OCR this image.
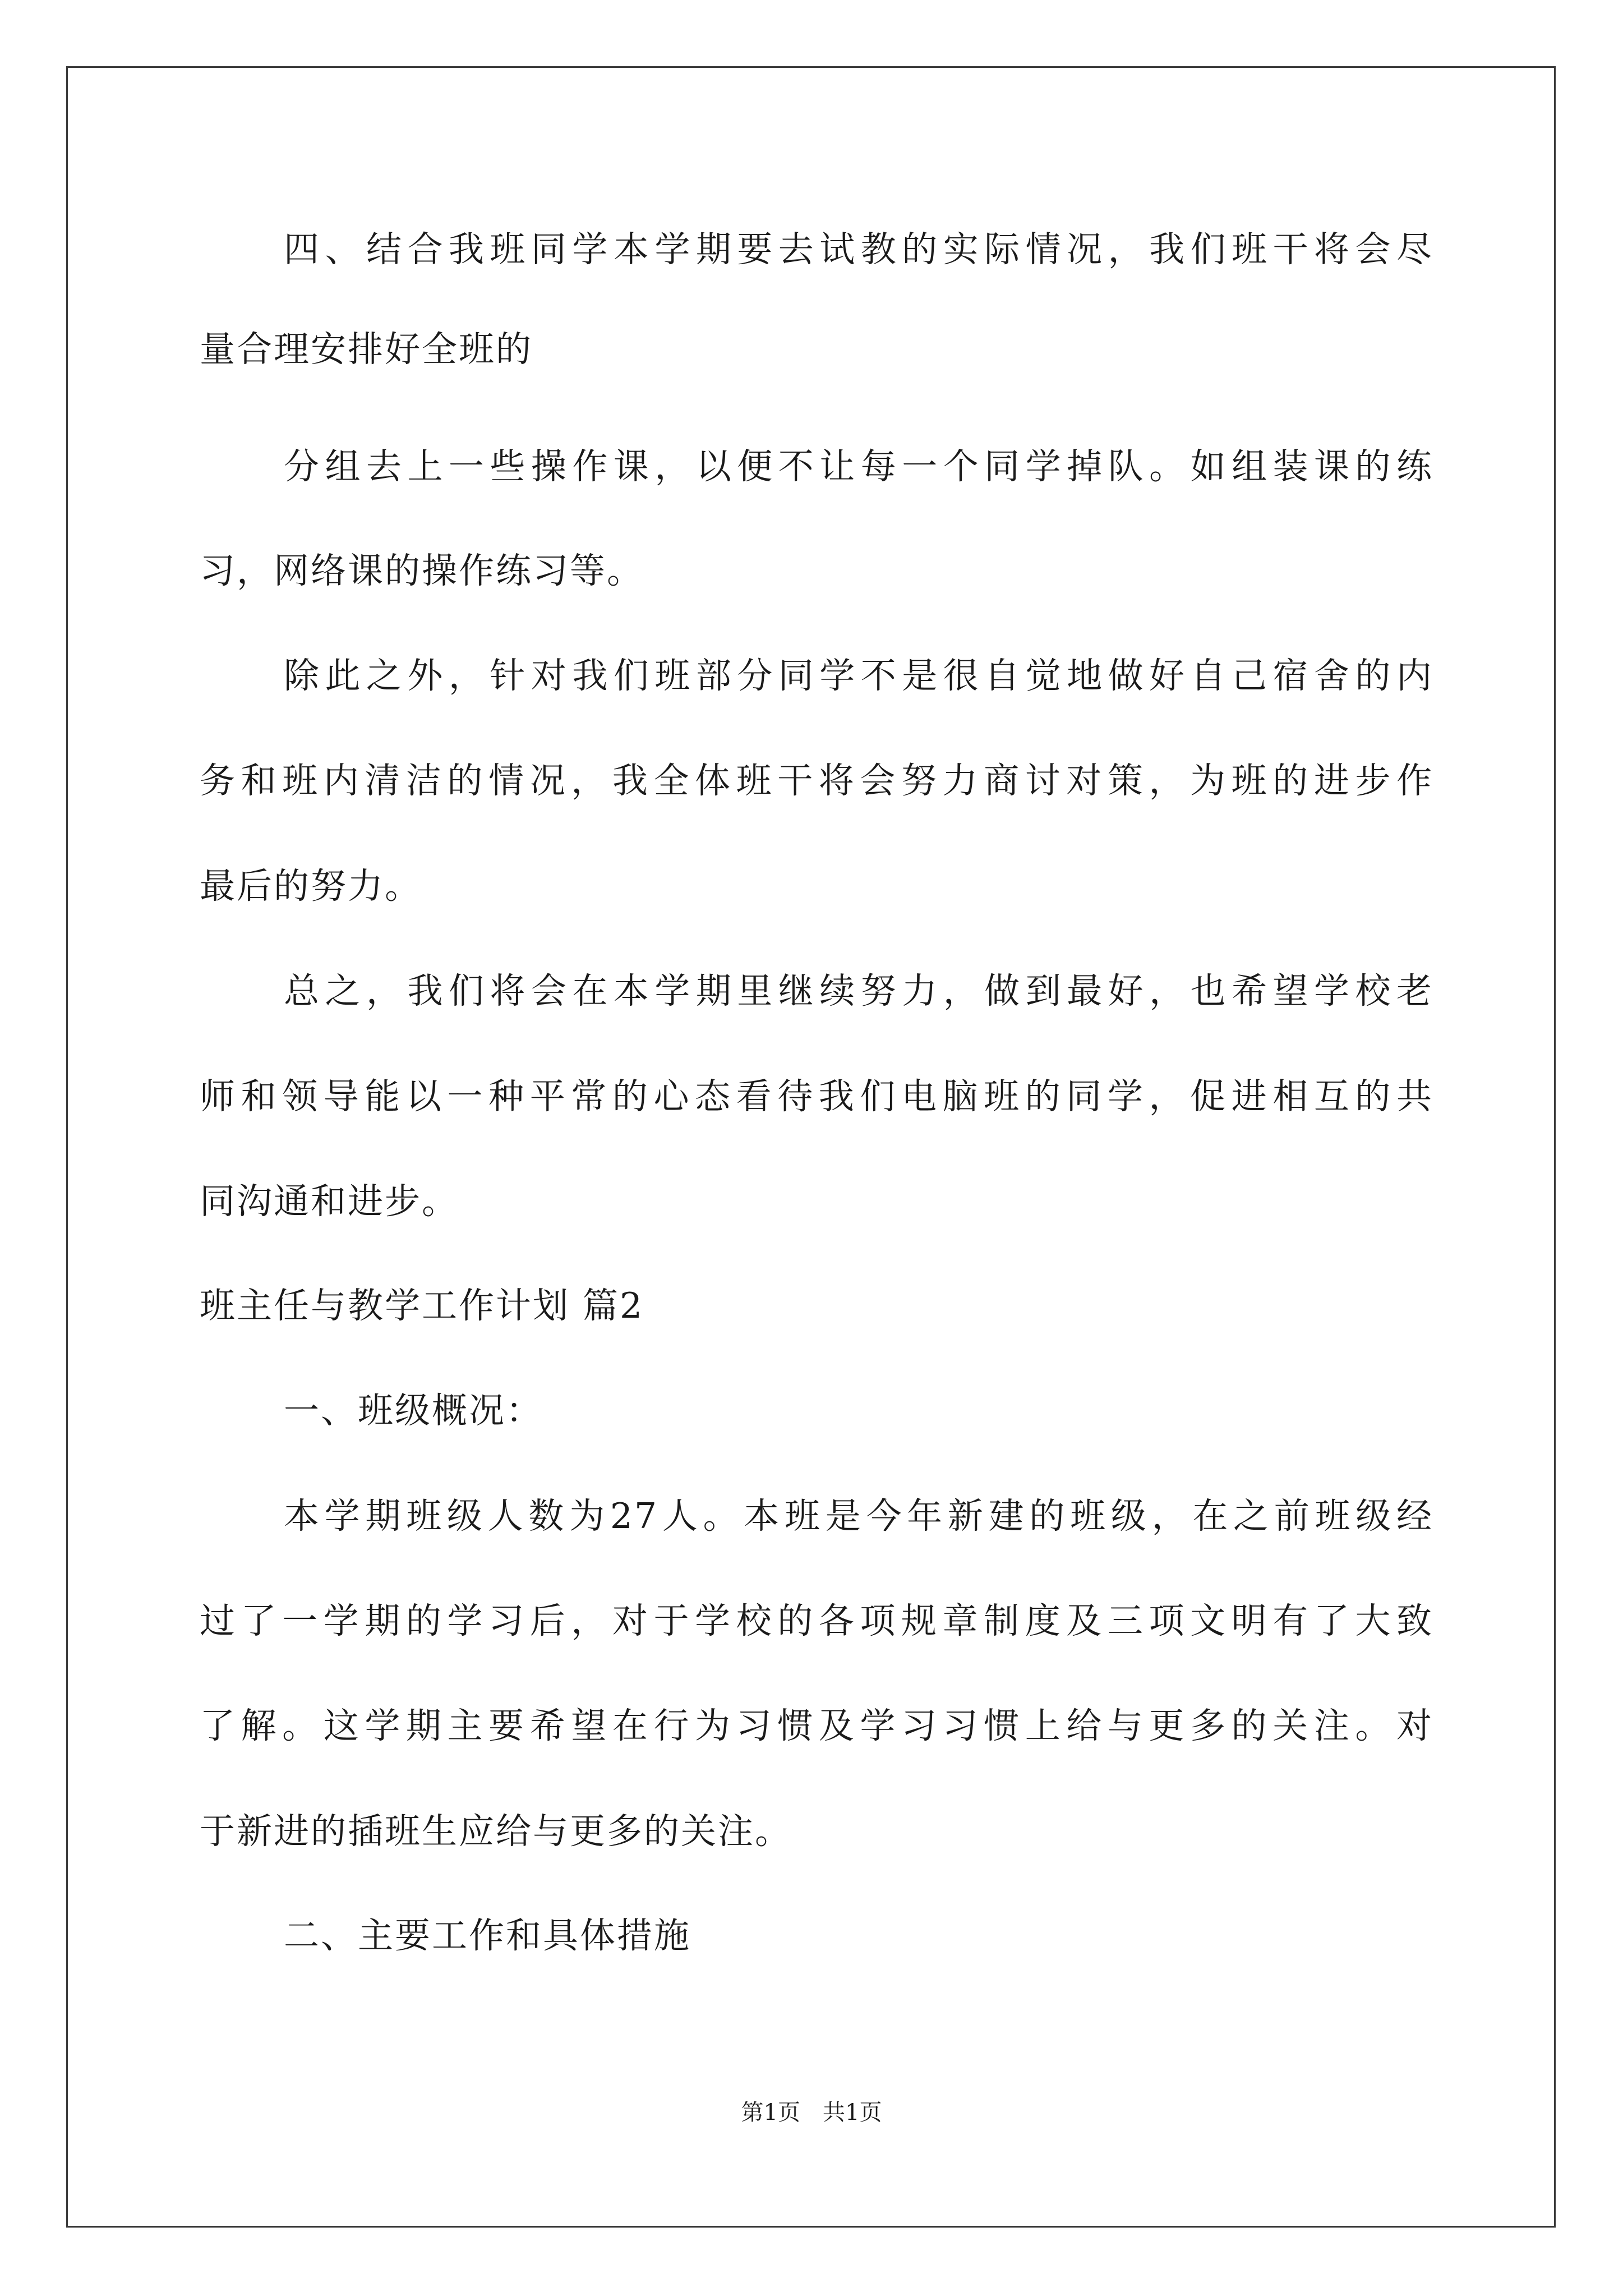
四、结合我班同学本学期要去试教的实际情况，我们班干将会尽
量合理安排好全班的
分组去上一些操作课，以便不让每一个同学掉队。如组装课的练
习，网络课的操作练习等。
除此之外，针对我们班部分同学不是很自觉地做好自己宿舍的内
务和班内清洁的情况，我全体班干将会努力商讨对策，为班的进步作
最后的努力。
总之，我们将会在本学期里继续努力，做到最好，也希望学校老
师和领导能以一种平常的心态看待我们电脑班的同学，促进相互的共
同沟通和进步。
班主任与教学工作计划 篇2
一、班级概况：
本学期班级人数为27人。本班是今年新建的班级，在之前班级经
过了一学期的学习后，对于学校的各项规章制度及三项文明有了大致
了解。这学期主要希望在行为习惯及学习习惯上给与更多的关注。对
于新进的插班生应给与更多的关注。
二、主要工作和具体措施
第1页 共1页
